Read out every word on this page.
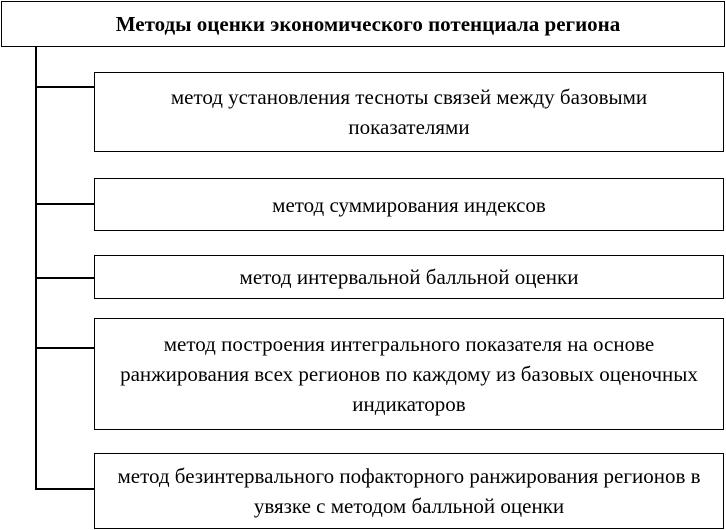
Методы оценки экономического потенциала региона
метод установления тесноты связей между базовыми показателями
метод суммирования индексов
метод интервальной балльной оценки
метод построения интегрального показателя на основе ранжирования всех регионов по каждому из базовых оценочных индикаторов
метод безинтервального пофакторного ранжирования регионов в увязке с методом балльной оценки
